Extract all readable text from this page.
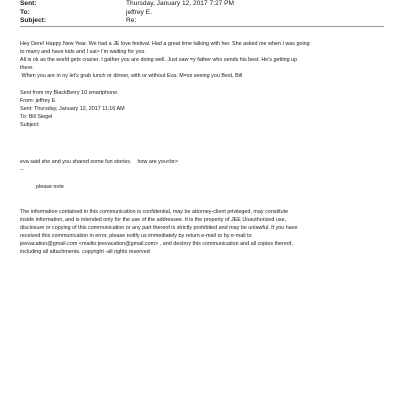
Sent:	Thursday, January 12, 2017 7:27 PM
To:	jeffrey E.
Subject:	Re:
Hey Dere! Happy New Year. We had a JE love festival. Had a great time talking with her. She asked me when I was going
to marry and have kids and I sai> I'm waiting for you.
All is ok as the world gets crazier. I gather you are doing well. Just saw =y father who sends his best. He's getting up
there.
When you are in ny let's grab lunch or dinner, with or without Eva. M=ss seeing you Best, Bill
Sent from my BlackBerry 10 smartphone.
From: jeffrey E.
Sent: Thursday, January 12, 2017 11:16 AM
To: Bill Siegel
Subject:
eva said she and you shared some fun stories.    how are you<br>
--
please note
The information contained in this communication is confidential, may be attorney-client privileged, may constitute
inside information, and is intended only for the use of the addressee. It is the property of JEE Unauthorized use,
disclosure or copying of this communication or any part thereof is strictly prohibited and may be unlawful. If you have
received this communication in error, please notify us immediately by return e-mail or by e-mail to
jeevacation@gmail.com <mailto:jeevacation@gmail.com> , and destroy this communication and all copies thereof,
including all attachments. copyright -all rights reserved
